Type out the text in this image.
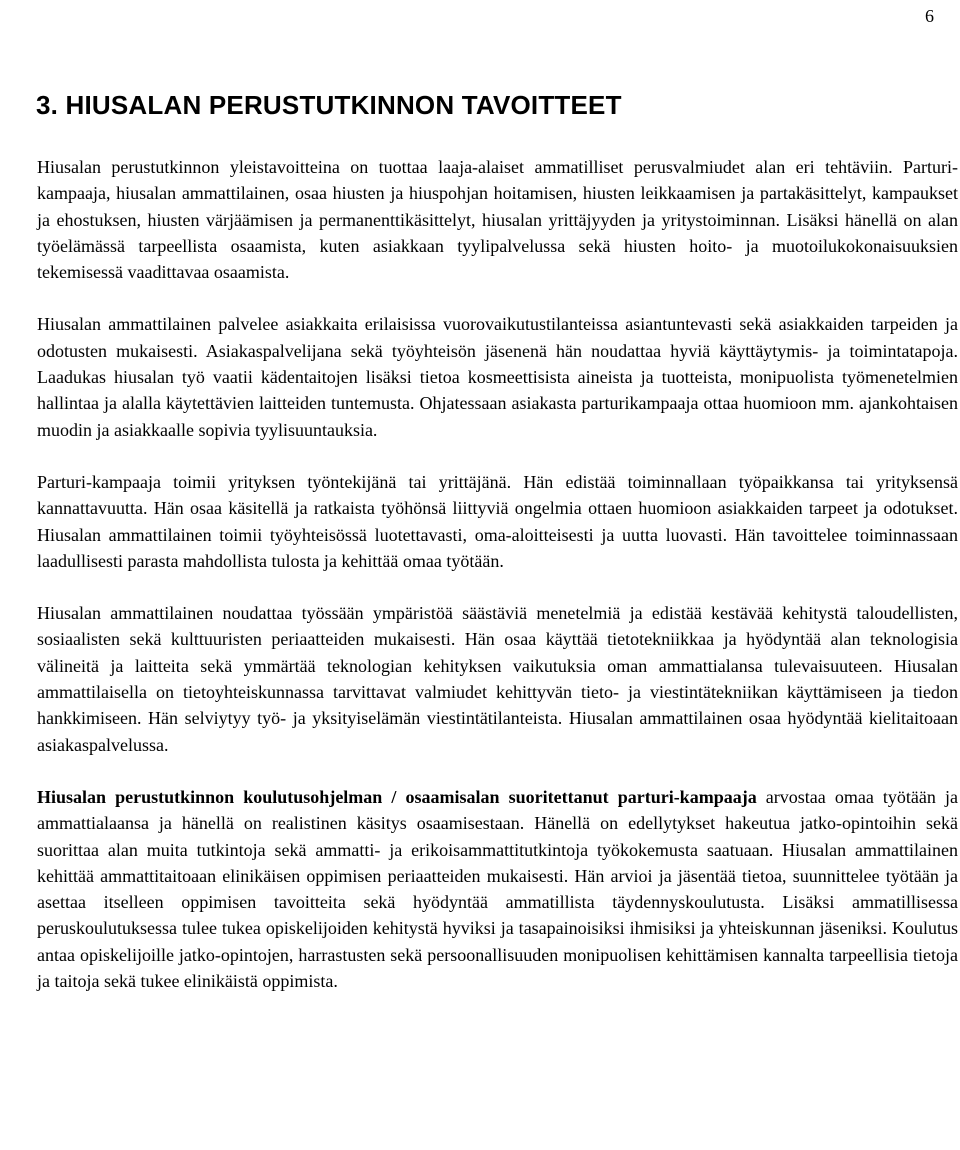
6
3. HIUSALAN PERUSTUTKINNON TAVOITTEET

Hiusalan perustutkinnon yleistavoitteina on tuottaa laaja-alaiset ammatilliset perusvalmiudet alan eri tehtäviin. Parturi-kampaaja, hiusalan ammattilainen, osaa hiusten ja hiuspohjan hoitamisen, hiusten leikkaamisen ja partakäsittelyt, kampaukset ja ehostuksen, hiusten värjäämisen ja permanenttikäsittelyt, hiusalan yrittäjyyden ja yritystoiminnan. Lisäksi hänellä on alan työelämässä tarpeellista osaamista, kuten asiakkaan tyylipalvelussa sekä hiusten hoito- ja muotoilukokonaisuuksien tekemisessä vaadittavaa osaamista.

Hiusalan ammattilainen palvelee asiakkaita erilaisissa vuorovaikutustilanteissa asiantuntevasti sekä asiakkaiden tarpeiden ja odotusten mukaisesti. Asiakaspalvelijana sekä työyhteisön jäsenenä hän noudattaa hyviä käyttäytymis- ja toimintatapoja. Laadukas hiusalan työ vaatii kädentaitojen lisäksi tietoa kosmeettisista aineista ja tuotteista, monipuolista työmenetelmien hallintaa ja alalla käytettävien laitteiden tuntemusta. Ohjatessaan asiakasta parturikampaaja ottaa huomioon mm. ajankohtaisen muodin ja asiakkaalle sopivia tyylisuuntauksia.

Parturi-kampaaja toimii yrityksen työntekijänä tai yrittäjänä. Hän edistää toiminnallaan työpaikkansa tai yrityksensä kannattavuutta. Hän osaa käsitellä ja ratkaista työhönsä liittyviä ongelmia ottaen huomioon asiakkaiden tarpeet ja odotukset. Hiusalan ammattilainen toimii työyhteisössä luotettavasti, oma-aloitteisesti ja uutta luovasti. Hän tavoittelee toiminnassaan laadullisesti parasta mahdollista tulosta ja kehittää omaa työtään.

Hiusalan ammattilainen noudattaa työssään ympäristöä säästäviä menetelmiä ja edistää kestävää kehitystä taloudellisten, sosiaalisten sekä kulttuuristen periaatteiden mukaisesti. Hän osaa käyttää tietotekniikkaa ja hyödyntää alan teknologisia välineitä ja laitteita sekä ymmärtää teknologian kehityksen vaikutuksia oman ammattialansa tulevaisuuteen. Hiusalan ammattilaisella on tietoyhteiskunnassa tarvittavat valmiudet kehittyvän tieto- ja viestintätekniikan käyttämiseen ja tiedon hankkimiseen. Hän selviytyy työ- ja yksityiselämän viestintätilanteista. Hiusalan ammattilainen osaa hyödyntää kielitaitoaan asiakaspalvelussa.

Hiusalan perustutkinnon koulutusohjelman / osaamisalan suoritettanut parturi-kampaaja arvostaa omaa työtään ja ammattialaansa ja hänellä on realistinen käsitys osaamisestaan. Hänellä on edellytykset hakeutua jatko-opintoihin sekä suorittaa alan muita tutkintoja sekä ammatti- ja erikoisammattitutkintoja työkokemusta saatuaan. Hiusalan ammattilainen kehittää ammattitaitoaan elinikäisen oppimisen periaatteiden mukaisesti. Hän arvioi ja jäsentää tietoa, suunnittelee työtään ja asettaa itselleen oppimisen tavoitteita sekä hyödyntää ammatillista täydennyskoulutusta. Lisäksi ammatillisessa peruskoulutuksessa tulee tukea opiskelijoiden kehitystä hyviksi ja tasapainoisiksi ihmisiksi ja yhteiskunnan jäseniksi. Koulutus antaa opiskelijoille jatko-opintojen, harrastusten sekä persoonallisuuden monipuolisen kehittämisen kannalta tarpeellisia tietoja ja taitoja sekä tukee elinikäistä oppimista.
